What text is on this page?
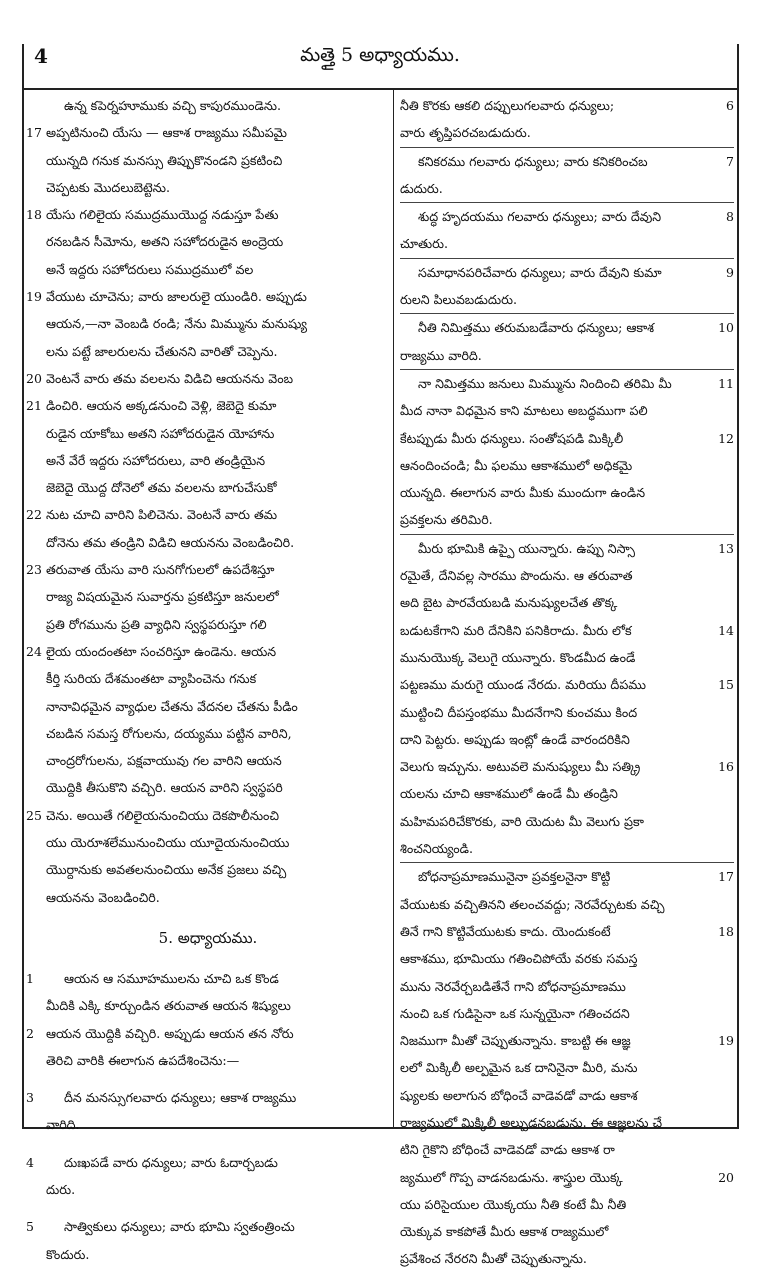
4	మత్తై 5 అధ్యాయము.
ఉన్న కపెర్నహూముకు వచ్చి కాపురముండెను.
17 అప్పటినుంచి యేసు — ఆకాశ రాజ్యము సమీపమై
యున్నది గనుక మనస్సు తిప్పుకొనండని ప్రకటించి
చెప్పటకు మొదలుబెట్టెను.
18 యేసు గలిలైయ సముద్రముయొద్ద నడుస్తూ పేతు
రనబడిన సీమోను, అతని సహోదరుడైన అంద్రెయ
అనే ఇద్దరు సహోదరులు సముద్రములో వల
19 వేయుట చూచెను; వారు జాలరులై యుండిరి. అప్పుడు
ఆయన,—నా వెంబడి రండి; నేను మిమ్మును మనుష్యు
లను పట్టే జాలరులను చేతునని వారితో చెప్పెను.
20 వెంటనే వారు తమ వలలను విడిచి ఆయనను వెంబ
21 డించిరి. ఆయన అక్కడనుంచి వెళ్లి, జెబెదై కుమా
రుడైన యాకోబు అతని సహోదరుడైన యోహాను
అనే వేరే ఇద్దరు సహోదరులు, వారి తండ్రియైన
జెబెదై యొద్ద దోనెలో తమ వలలను బాగుచేసుకో
22 నుట చూచి వారిని పిలిచెను. వెంటనే వారు తమ
దోనెను తమ తండ్రిని విడిచి ఆయనను వెంబడించిరి.
23 తరువాత యేసు వారి సునగోగులలో ఉపదేశిస్తూ
రాజ్య విషయమైన సువార్తను ప్రకటిస్తూ జనులలో
ప్రతి రోగమును ప్రతి వ్యాధిని స్వస్థపరుస్తూ గలి
24 లైయ యందంతటా సంచరిస్తూ ఉండెను. ఆయన
కీర్తి సురియ దేశమంతటా వ్యాపించెను గనుక
నానావిధమైన వ్యాధుల చేతను వేదనల చేతను పీడిం
చబడిన సమస్త రోగులను, దయ్యము పట్టిన వారిని,
చాంద్రరోగులను, పక్షవాయువు గల వారిని ఆయన
యొద్దికి తీసుకొని వచ్చిరి. ఆయన వారిని స్వస్థపరి
25 చెను. అయితే గలిలైయనుంచియు దెకపొలీనుంచి
యు యెరూశలేమునుంచియు యూదైయనుంచియు
యొర్దానుకు అవతలనుంచియు అనేక ప్రజలు వచ్చి
ఆయనను వెంబడించిరి.
5. అధ్యాయము.
1	ఆయన ఆ సమూహములను చూచి ఒక కొండ
మీదికి ఎక్కి కూర్చుండిన తరువాత ఆయన శిష్యులు
2 ఆయన యొద్దికి వచ్చిరి. అప్పుడు ఆయన తన నోరు
తెరిచి వారికి ఈలాగున ఉపదేశించెను:—
3	దీన మనస్సుగలవారు ధన్యులు; ఆకాశ రాజ్యము
వారిది.
4	దుఃఖపడే వారు ధన్యులు; వారు ఓదార్చబడు
దురు.
5	సాత్వికులు ధన్యులు; వారు భూమి స్వతంత్రించు
కొందురు.
నీతి కొరకు ఆకలి దప్పులుగలవారు ధన్యులు;	6
వారు తృప్తిపరచబడుదురు.
కనికరము గలవారు ధన్యులు; వారు కనికరించబ	7
డుదురు.
శుద్ధ హృదయము గలవారు ధన్యులు; వారు దేవుని	8
చూతురు.
సమాధానపరిచేవారు ధన్యులు; వారు దేవుని కుమా	9
రులని పిలువబడుదురు.
నీతి నిమిత్తము తరుమబడేవారు ధన్యులు; ఆకాశ	10
రాజ్యము వారిది.
నా నిమిత్తము జనులు మిమ్మును నిందించి తరిమి మీ	11
మీద నానా విధమైన కాని మాటలు అబద్ధముగా పలి
కేటప్పుడు మీరు ధన్యులు. సంతోషపడి మిక్కిలీ	12
ఆనందించండి; మీ ఫలము ఆకాశములో అధికమై
యున్నది. ఈలాగున వారు మీకు ముందుగా ఉండిన
ప్రవక్తలను తరిమిరి.
మీరు భూమికి ఉప్పై యున్నారు. ఉప్పు నిస్సా	13
రమైతే, దేనివల్ల సారము పొందును. ఆ తరువాత
అది బైట పారవేయబడి మనుష్యులచేత తొక్క
బడుటకేగాని మరి దేనికిని పనికిరాదు. మీరు లోక	14
మునుయొక్క వెలుగై యున్నారు. కొండమీద ఉండే
పట్టణము మరుగై యుండ నేరదు. మరియు దీపము	15
ముట్టించి దీపస్తంభము మీదనేగాని కుంచము కింద
దాని పెట్టరు. అప్పుడు ఇంట్లో ఉండే వారందరికిని
వెలుగు ఇచ్చును. అటువలె మనుష్యులు మీ సత్క్రి	16
యలను చూచి ఆకాశములో ఉండే మీ తండ్రిని
మహిమపరిచేకొరకు, వారి యెదుట మీ వెలుగు ప్రకా
శించనియ్యండి.
బోధనాప్రమాణమునైనా ప్రవక్తలనైనా కొట్టి	17
వేయుటకు వచ్చితినని తలంచవద్దు; నెరవేర్చుటకు వచ్చి
తినే గాని కొట్టివేయుటకు కాదు. యెందుకంటే	18
ఆకాశము, భూమియు గతించిపోయే వరకు సమస్త
మును నెరవేర్చబడితేనే గాని బోధనాప్రమాణము
నుంచి ఒక గుడిసైనా ఒక సున్నయైనా గతించదని
నిజముగా మీతో చెప్పుతున్నాను. కాబట్టి ఈ ఆజ్ఞ	19
లలో మిక్కిలీ అల్పమైన ఒక దానినైనా మీరి, మను
ష్యులకు అలాగున బోధించే వాడెవడో వాడు ఆకాశ
రాజ్యములో మిక్కిలీ అల్పుడనబడును. ఈ ఆజ్ఞలను చే
టిని గైకొని బోధించే వాడెవడో వాడు ఆకాశ రా
జ్యములో గొప్ప వాడనబడును. శాస్త్రుల యొక్క	20
యు పరిసైయుల యొక్కయు నీతి కంటే మీ నీతి
యెక్కువ కాకపోతే మీరు ఆకాశ రాజ్యములో
ప్రవేశించ నేరరని మీతో చెప్పుతున్నాను.
